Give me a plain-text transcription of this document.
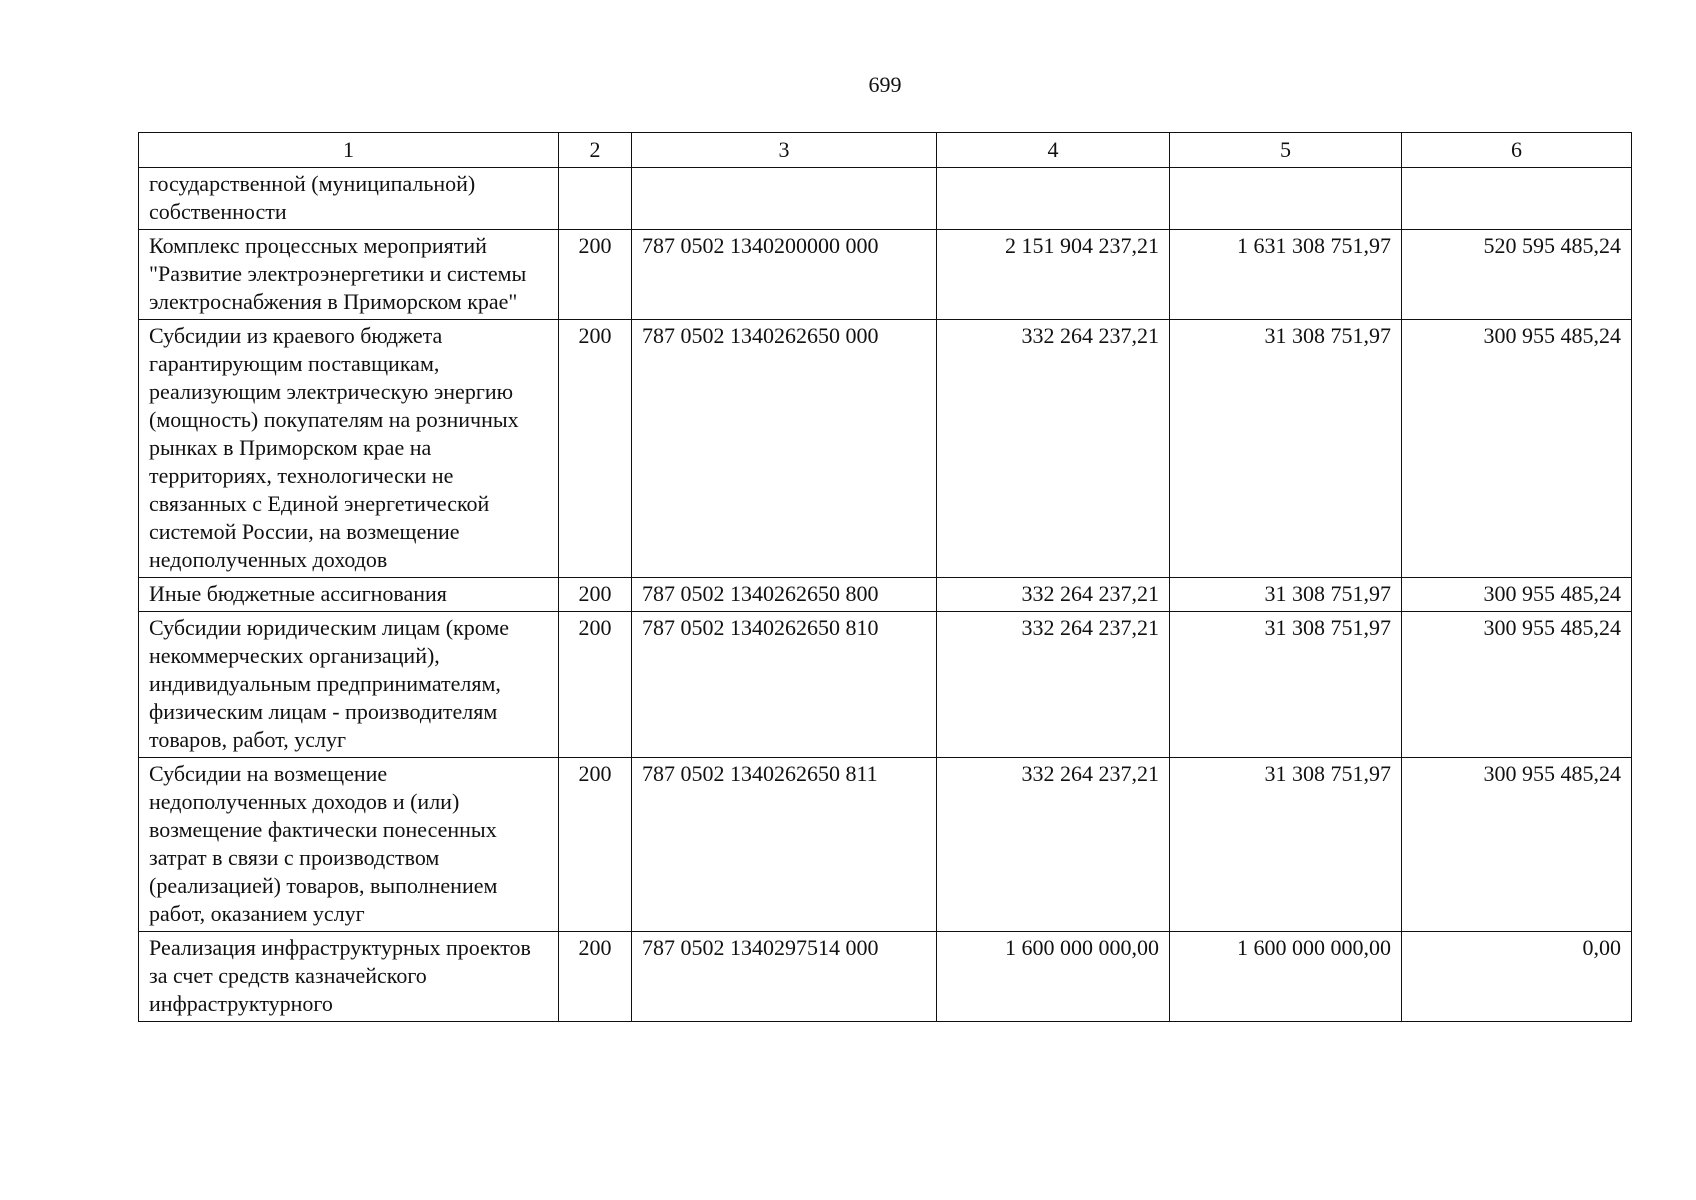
699
1	2	3	4	5	6
государственной (муниципальной) собственности					
Комплекс процессных мероприятий "Развитие электроэнергетики и системы электроснабжения в Приморском крае"	200	787 0502 1340200000 000	2 151 904 237,21	1 631 308 751,97	520 595 485,24
Субсидии из краевого бюджета гарантирующим поставщикам, реализующим электрическую энергию (мощность) покупателям на розничных рынках в Приморском крае на территориях, технологически не связанных с Единой энергетической системой России, на возмещение недополученных доходов	200	787 0502 1340262650 000	332 264 237,21	31 308 751,97	300 955 485,24
Иные бюджетные ассигнования	200	787 0502 1340262650 800	332 264 237,21	31 308 751,97	300 955 485,24
Субсидии юридическим лицам (кроме некоммерческих организаций), индивидуальным предпринимателям, физическим лицам - производителям товаров, работ, услуг	200	787 0502 1340262650 810	332 264 237,21	31 308 751,97	300 955 485,24
Субсидии на возмещение недополученных доходов и (или) возмещение фактически понесенных затрат в связи с производством (реализацией) товаров, выполнением работ, оказанием услуг	200	787 0502 1340262650 811	332 264 237,21	31 308 751,97	300 955 485,24
Реализация инфраструктурных проектов за счет средств казначейского инфраструктурного	200	787 0502 1340297514 000	1 600 000 000,00	1 600 000 000,00	0,00
